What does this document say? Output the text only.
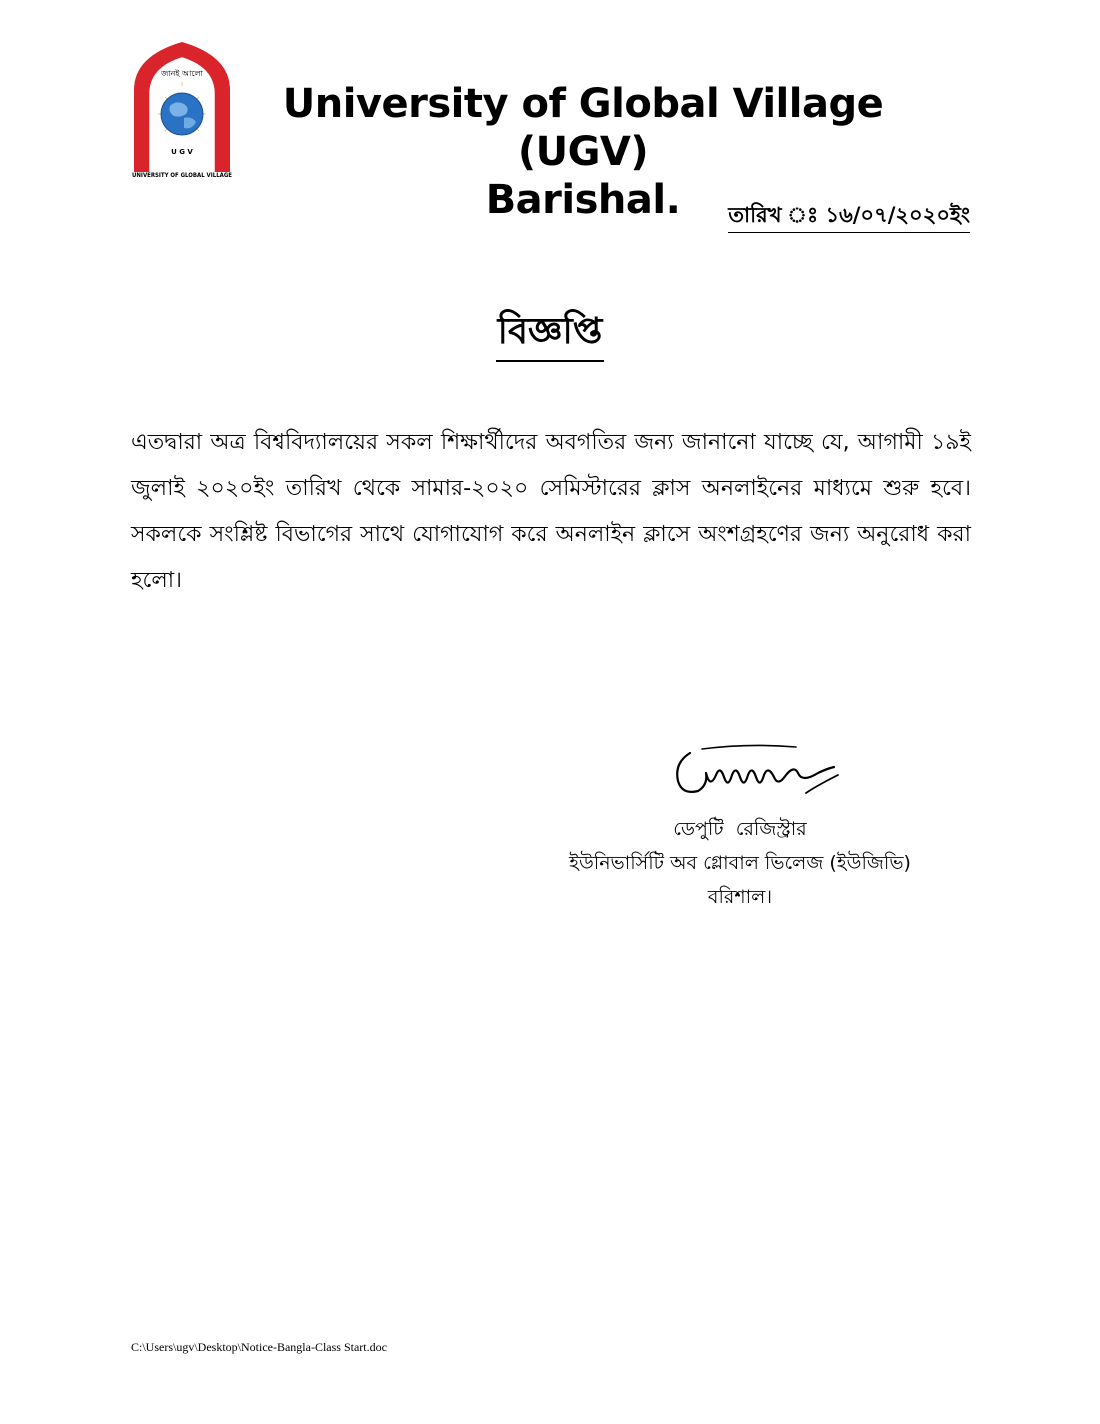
জানই আলো
U G V
UNIVERSITY OF GLOBAL VILLAGE
University of Global Village (UGV)
Barishal.	তারিখ ঃ ১৬/০৭/২০২০ইং
বিজ্ঞপ্তি
এতদ্বারা অত্র বিশ্ববিদ্যালয়ের সকল শিক্ষার্থীদের অবগতির জন্য জানানো যাচ্ছে যে, আগামী ১৯ই জুলাই ২০২০ইং তারিখ থেকে সামার-২০২০ সেমিস্টারের ক্লাস অনলাইনের মাধ্যমে শুরু হবে। সকলকে সংশ্লিষ্ট বিভাগের সাথে যোগাযোগ করে অনলাইন ক্লাসে অংশগ্রহণের জন্য অনুরোধ করা হলো।
ডেপুটি  রেজিস্ট্রার
ইউনিভার্সিটি অব গ্লোবাল ভিলেজ (ইউজিভি)
বরিশাল।
C:\Users\ugv\Desktop\Notice-Bangla-Class Start.doc
